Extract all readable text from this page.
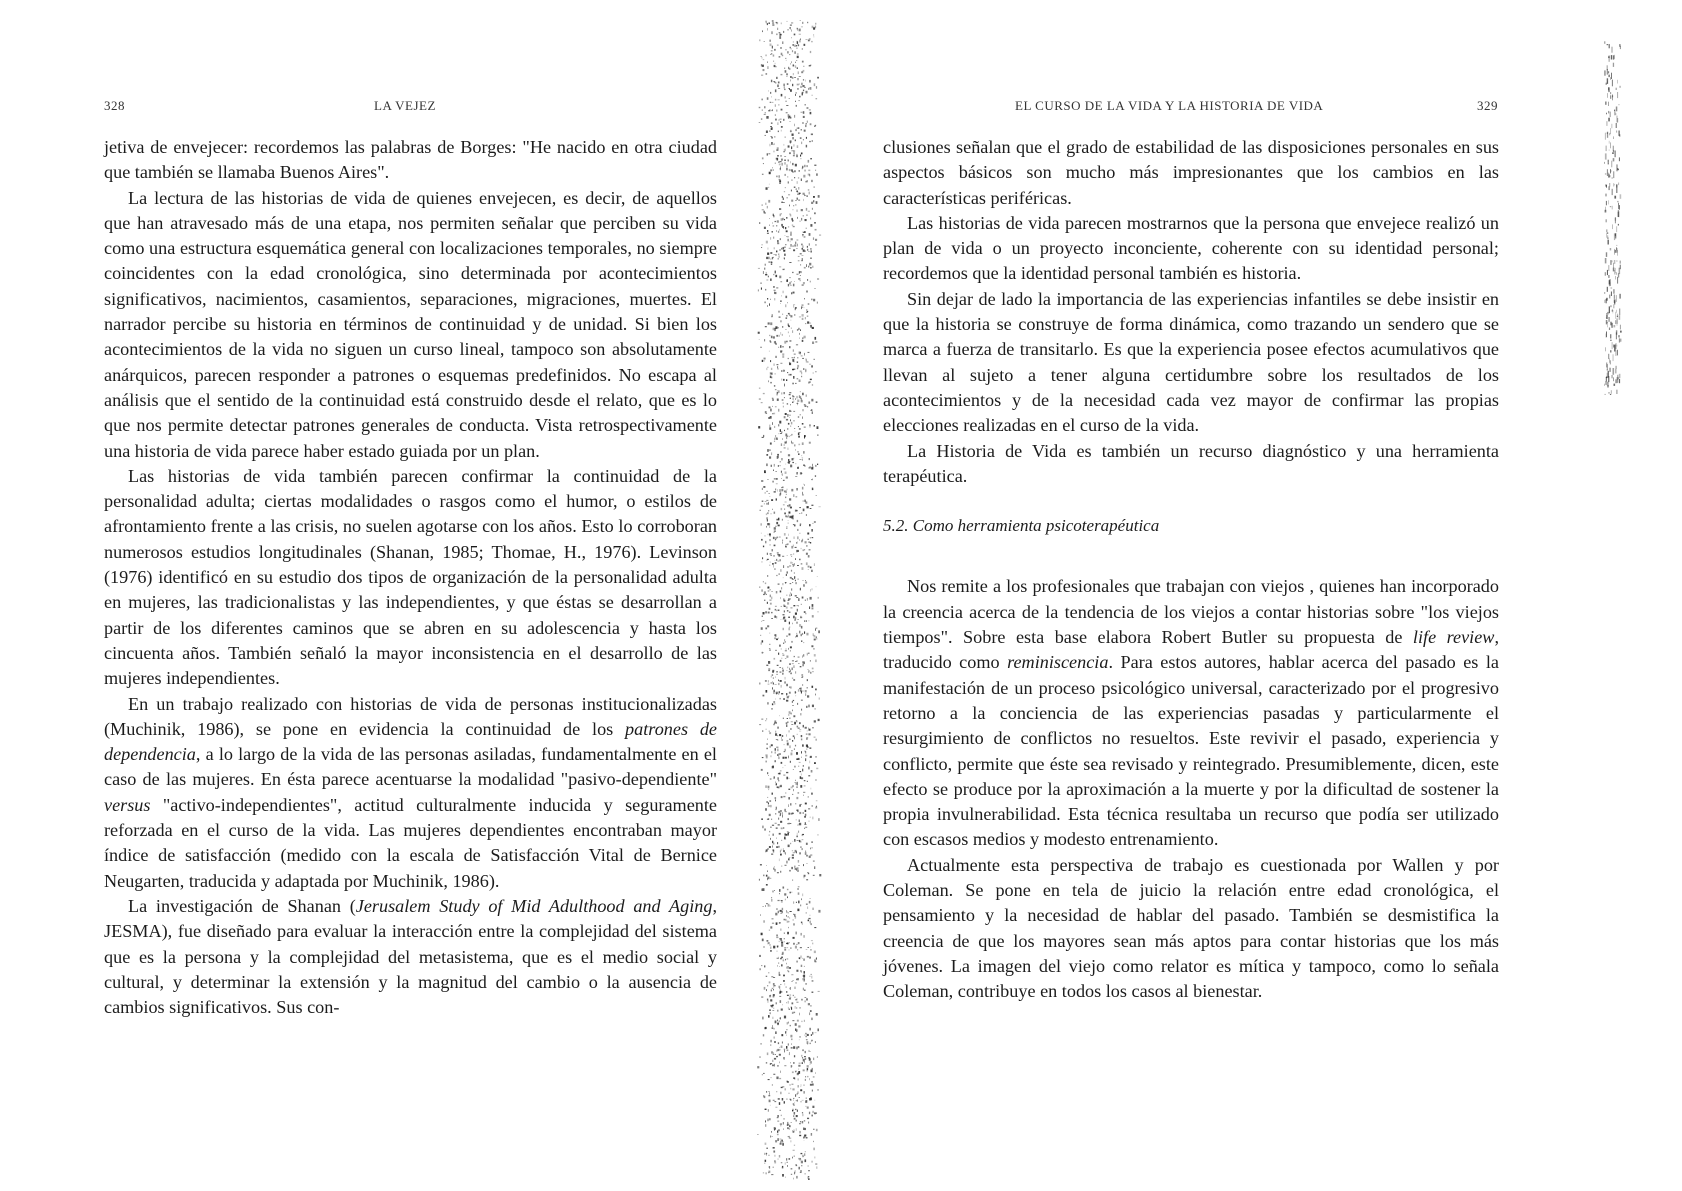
328	LA VEJEZ

jetiva de envejecer: recordemos las palabras de Borges: "He nacido en otra ciudad que también se llamaba Buenos Aires".

La lectura de las historias de vida de quienes envejecen, es decir, de aquellos que han atravesado más de una etapa, nos permiten señalar que perciben su vida como una estructura esquemática general con localizaciones temporales, no siempre coincidentes con la edad cronológica, sino determinada por acontecimientos significativos, nacimientos, casamientos, separaciones, migraciones, muertes. El narrador percibe su historia en términos de continuidad y de unidad. Si bien los acontecimientos de la vida no siguen un curso lineal, tampoco son absolutamente anárquicos, parecen responder a patrones o esquemas predefinidos. No escapa al análisis que el sentido de la continuidad está construido desde el relato, que es lo que nos permite detectar patrones generales de conducta. Vista retrospectivamente una historia de vida parece haber estado guiada por un plan.

Las historias de vida también parecen confirmar la continuidad de la personalidad adulta; ciertas modalidades o rasgos como el humor, o estilos de afrontamiento frente a las crisis, no suelen agotarse con los años. Esto lo corroboran numerosos estudios longitudinales (Shanan, 1985; Thomae, H., 1976). Levinson (1976) identificó en su estudio dos tipos de organización de la personalidad adulta en mujeres, las tradicionalistas y las independientes, y que éstas se desarrollan a partir de los diferentes caminos que se abren en su adolescencia y hasta los cincuenta años. También señaló la mayor inconsistencia en el desarrollo de las mujeres independientes.

En un trabajo realizado con historias de vida de personas institucionalizadas (Muchinik, 1986), se pone en evidencia la continuidad de los patrones de dependencia, a lo largo de la vida de las personas asiladas, fundamentalmente en el caso de las mujeres. En ésta parece acentuarse la modalidad "pasivo-dependiente" versus "activo-independientes", actitud culturalmente inducida y seguramente reforzada en el curso de la vida. Las mujeres dependientes encontraban mayor índice de satisfacción (medido con la escala de Satisfacción Vital de Bernice Neugarten, traducida y adaptada por Muchinik, 1986).

La investigación de Shanan (Jerusalem Study of Mid Adulthood and Aging, JESMA), fue diseñado para evaluar la interacción entre la complejidad del sistema que es la persona y la complejidad del metasistema, que es el medio social y cultural, y determinar la extensión y la magnitud del cambio o la ausencia de cambios significativos. Sus con-

EL CURSO DE LA VIDA Y LA HISTORIA DE VIDA	329

clusiones señalan que el grado de estabilidad de las disposiciones personales en sus aspectos básicos son mucho más impresionantes que los cambios en las características periféricas.

Las historias de vida parecen mostrarnos que la persona que envejece realizó un plan de vida o un proyecto inconciente, coherente con su identidad personal; recordemos que la identidad personal también es historia.

Sin dejar de lado la importancia de las experiencias infantiles se debe insistir en que la historia se construye de forma dinámica, como trazando un sendero que se marca a fuerza de transitarlo. Es que la experiencia posee efectos acumulativos que llevan al sujeto a tener alguna certidumbre sobre los resultados de los acontecimientos y de la necesidad cada vez mayor de confirmar las propias elecciones realizadas en el curso de la vida.

La Historia de Vida es también un recurso diagnóstico y una herramienta terapéutica.

5.2. Como herramienta psicoterapéutica

Nos remite a los profesionales que trabajan con viejos , quienes han incorporado la creencia acerca de la tendencia de los viejos a contar historias sobre "los viejos tiempos". Sobre esta base elabora Robert Butler su propuesta de life review, traducido como reminiscencia. Para estos autores, hablar acerca del pasado es la manifestación de un proceso psicológico universal, caracterizado por el progresivo retorno a la conciencia de las experiencias pasadas y particularmente el resurgimiento de conflictos no resueltos. Este revivir el pasado, experiencia y conflicto, permite que éste sea revisado y reintegrado. Presumiblemente, dicen, este efecto se produce por la aproximación a la muerte y por la dificultad de sostener la propia invulnerabilidad. Esta técnica resultaba un recurso que podía ser utilizado con escasos medios y modesto entrenamiento.

Actualmente esta perspectiva de trabajo es cuestionada por Wallen y por Coleman. Se pone en tela de juicio la relación entre edad cronológica, el pensamiento y la necesidad de hablar del pasado. También se desmistifica la creencia de que los mayores sean más aptos para contar historias que los más jóvenes. La imagen del viejo como relator es mítica y tampoco, como lo señala Coleman, contribuye en todos los casos al bienestar.
